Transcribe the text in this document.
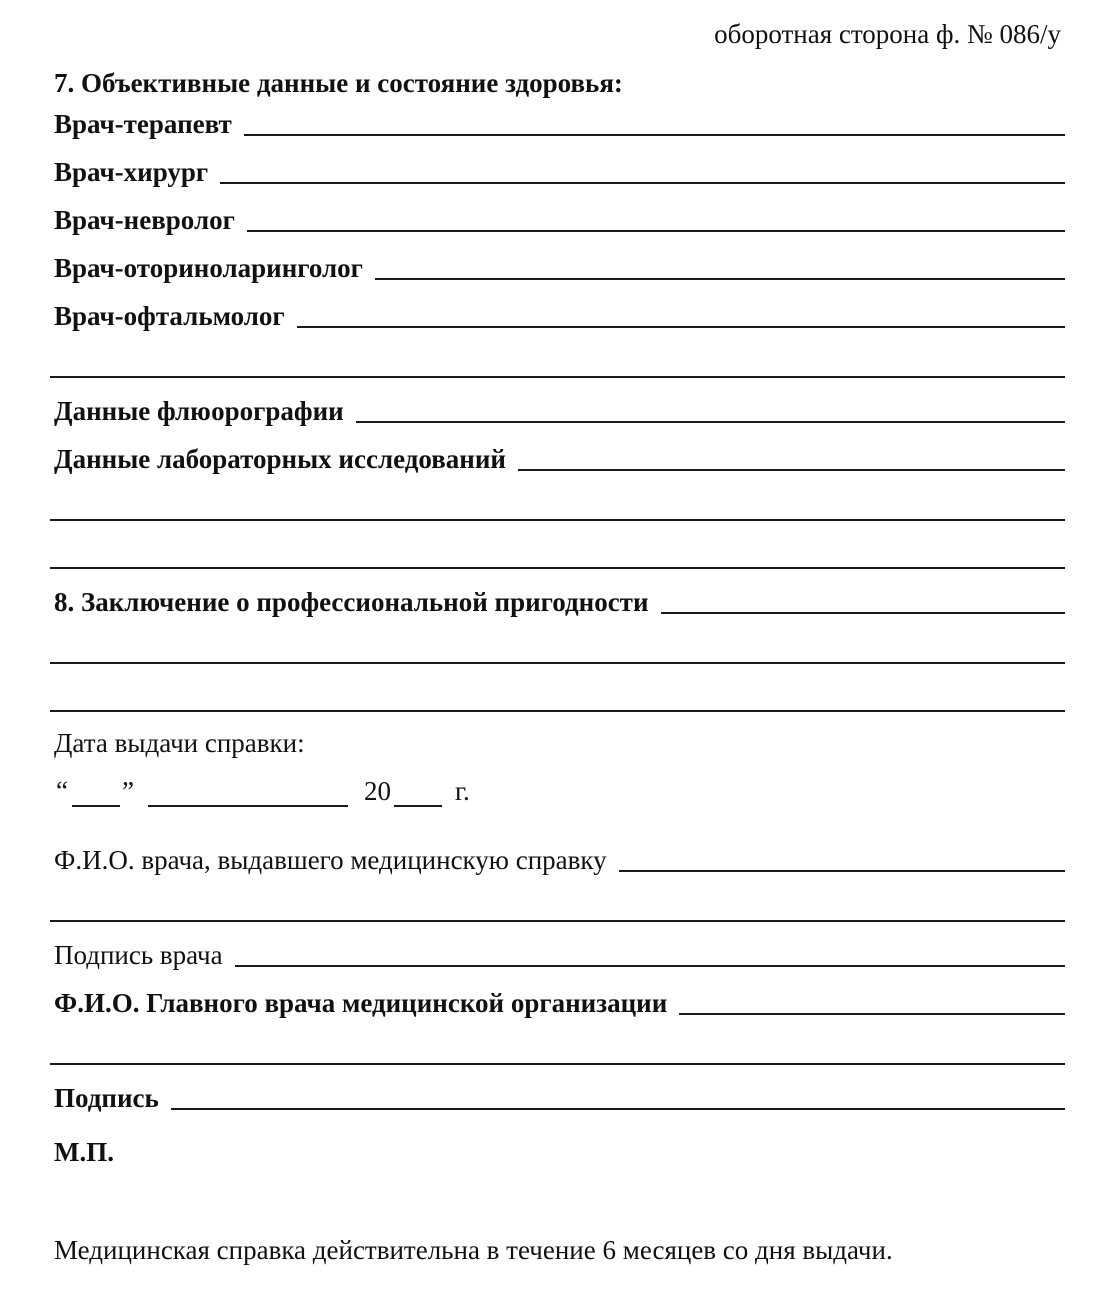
оборотная сторона ф. № 086/у
7. Объективные данные и состояние здоровья:
Врач-терапевт
Врач-хирург
Врач-невролог
Врач-оториноларинголог
Врач-офтальмолог
Данные флюорографии
Данные лабораторных исследований
8. Заключение о профессиональной пригодности
Дата выдачи справки:
“ ”	20 г.
Ф.И.О. врача, выдавшего медицинскую справку
Подпись врача
Ф.И.О. Главного врача медицинской организации
Подпись
М.П.
Медицинская справка действительна в течение 6 месяцев со дня выдачи.
